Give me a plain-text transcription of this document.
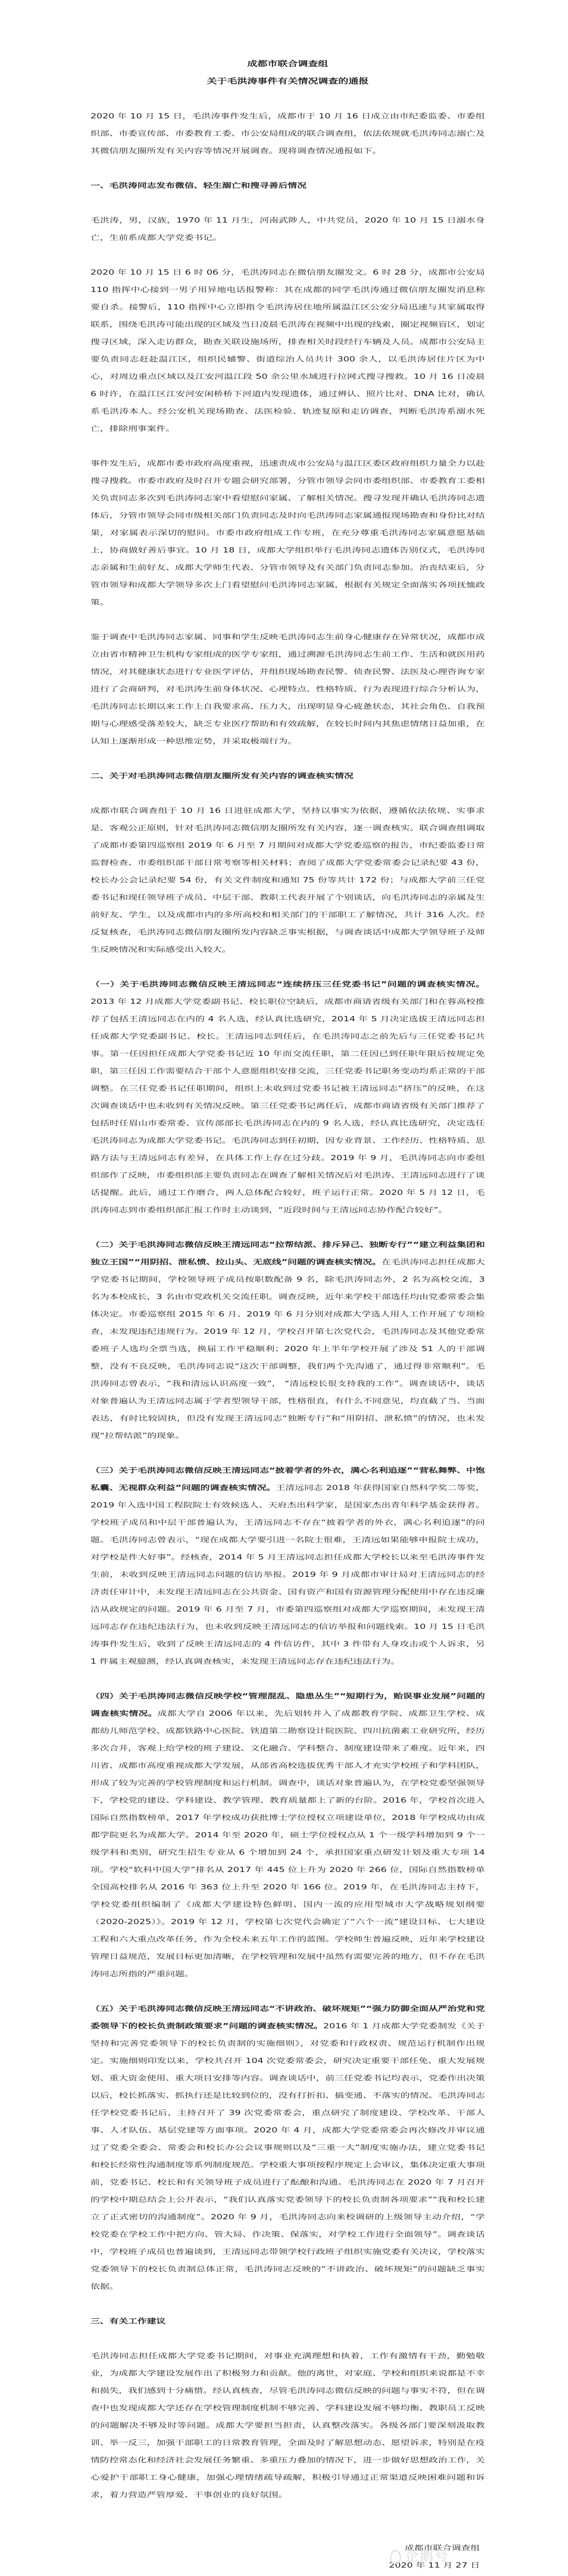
成都市联合调查组
关于毛洪涛事件有关情况调查的通报

2020 年 10 月 15 日，毛洪涛事件发生后，成都市于 10 月 16 日成立由市纪委监委、市委组织部、市委宣传部、市委教育工委、市公安局组成的联合调查组，依法依规就毛洪涛同志溺亡及其微信朋友圈所发有关内容等情况开展调查。现将调查情况通报如下。

一、毛洪涛同志发布微信、轻生溺亡和搜寻善后情况

毛洪涛，男，汉族，1970 年 11 月生，河南武陟人，中共党员，2020 年 10 月 15 日溺水身亡，生前系成都大学党委书记。

2020 年 10 月 15 日 6 时 06 分，毛洪涛同志在微信朋友圈发文。6 时 28 分，成都市公安局 110 指挥中心接到一男子用异地电话报警称：其在成都的同学毛洪涛通过微信朋友圈发消息称要自杀。接警后，110 指挥中心立即指令毛洪涛居住地所属温江区公安分局迅速与其家属取得联系，围绕毛洪涛可能出现的区域及当日凌晨毛洪涛在视频中出现的线索，圈定视频盲区，划定搜寻区域，深入走访群众，勘查关联设施场所，排查相关时段经行车辆及人员。成都市公安局主要负责同志赶赴温江区，组织民辅警、街道综治人员共计 300 余人，以毛洪涛居住片区为中心，对周边重点区域以及江安河温江段 50 余公里水域进行拉网式搜寻搜救。10 月 16 日凌晨 6 时许，在温江区江安河安闲桥桥下河道内发现遗体，通过辨认、照片比对、DNA 比对，确认系毛洪涛本人。经公安机关现场勘查、法医检验、轨迹复原和走访调查，判断毛洪涛系溺水死亡，排除刑事案件。

事件发生后，成都市委市政府高度重视，迅速责成市公安局与温江区委区政府组织力量全力以赴搜寻搜救。市委市政府及时召开专题会研究部署，分管市领导会同市委组织部、市委教育工委相关负责同志多次到毛洪涛同志家中看望慰问家属、了解相关情况。搜寻发现并确认毛洪涛同志遗体后，分管市领导会同市级相关部门负责同志及时向毛洪涛同志家属通报现场勘查和身份比对结果，对家属表示深切的慰问。市委市政府组成工作专班，在充分尊重毛洪涛同志家属意愿基础上，协商做好善后事宜。10 月 18 日，成都大学组织举行毛洪涛同志遗体告别仪式，毛洪涛同志亲属和生前好友、成都大学师生代表、分管市领导及有关部门负责同志参加。治丧结束后，分管市领导和成都大学领导多次上门看望慰问毛洪涛同志家属，根据有关规定全面落实各项抚恤政策。

鉴于调查中毛洪涛同志家属、同事和学生反映毛洪涛同志生前身心健康存在异常状况，成都市成立由省市精神卫生机构专家组成的医学专家组，通过溯源毛洪涛同志生前工作、生活和就医用药情况，对其健康状态进行专业医学评估，并组织现场勘查民警、侦查民警、法医及心理咨询专家进行了会商研判，对毛洪涛生前身体状况、心理特点、性格特质、行为表现进行综合分析认为，毛洪涛同志长期以来工作上自我要求高、压力大，出现明显身心疲惫状态，其社会角色、自我预期与心理感受落差较大，缺乏专业医疗帮助和有效疏解，在较长时间内其焦虑情绪日益加重，在认知上逐渐形成一种思维定势，并采取极端行为。

二、关于对毛洪涛同志微信朋友圈所发有关内容的调查核实情况

成都市联合调查组于 10 月 16 日进驻成都大学，坚持以事实为依据，遵循依法依规、实事求是、客观公正原则，针对毛洪涛同志微信朋友圈所发有关内容，逐一调查核实。联合调查组调取了成都市委第四巡察组 2019 年 6 月至 7 月期间对成都大学党委巡察的报告，市纪委监委日常监督检查、市委组织部干部日常考察等相关材料；查阅了成都大学党委常委会记录纪要 43 份，校长办公会记录纪要 54 份，有关文件制度和通知 75 份等共计 172 份；与成都大学前三任党委书记和现任领导班子成员、中层干部、教职工代表开展了个别谈话，向毛洪涛同志的亲属及生前好友、学生，以及成都市内的多所高校和相关部门的干部职工了解情况，共计 316 人次。经反复核查，毛洪涛同志微信朋友圈所发内容缺乏事实根据，与调查谈话中成都大学领导班子及师生反映情况和实际感受出入较大。

（一）关于毛洪涛同志微信反映王清远同志“连续挤压三任党委书记”问题的调查核实情况。2013 年 12 月成都大学党委副书记、校长职位空缺后，成都市商请省级有关部门和在蓉高校推荐了包括王清远同志在内的 4 名人选，经认真比选研究，2014 年 5 月决定选拔王清远同志担任成都大学党委副书记、校长。王清远同志到任后，在毛洪涛同志之前先后与三任党委书记共事。第一任因担任成都大学党委书记近 10 年而交流任职，第二任因已到任职年限后按规定免职，第三任因工作需要结合干部个人意愿组织安排交流，三任党委书记职务变动均系正常的干部调整。在三任党委书记任职期间，组织上未收到过党委书记被王清远同志“挤压”的反映，在这次调查谈话中也未收到有关情况反映。第三任党委书记离任后，成都市商请省级有关部门推荐了包括时任眉山市委常委、宣传部部长毛洪涛同志在内的 9 名人选，经认真比选研究，决定选任毛洪涛同志为成都大学党委书记。毛洪涛同志到任初期，因专业背景、工作经历、性格特质、思路方法与王清远同志有差异，在具体工作上存在过分歧。2019 年 9 月，毛洪涛同志向市委组织部作了反映，市委组织部主要负责同志在调查了解相关情况后对毛洪涛、王清远同志进行了谈话提醒。此后，通过工作磨合，两人总体配合较好，班子运行正常。2020 年 5 月 12 日，毛洪涛同志到市委组织部汇报工作时主动谈到，“近段时间与王清远同志协作配合较好”。

（二）关于毛洪涛同志微信反映王清远同志“拉帮结派、排斥异己、独断专行”“建立利益集团和独立王国”“用阴招、泄私愤、拉山头、无底线”问题的调查核实情况。在毛洪涛同志担任成都大学党委书记期间，学校领导班子成员按职数配备 9 名，除毛洪涛同志外，2 名为高校交流，3 名为本校成长，3 名由市党政机关交流任职。调查反映，近年来学校干部选任均由党委常委会集体决定。市委巡察组 2015 年 6 月、2019 年 6 月分别对成都大学选人用人工作开展了专项检查，未发现违纪违规行为。2019 年 12 月，学校召开第七次党代会，毛洪涛同志及其他党委常委班子人选均全票当选，换届工作平稳顺利；2020 年上半年学校开展了涉及 51 人的干部调整，没有不良反映，毛洪涛同志说“这次干部调整，我们两个先沟通了，通过得非常顺利”。毛洪涛同志曾表示，“我和清远认识高度一致”， “清远校长很支持我的工作”。调查谈话中，谈话对象普遍认为王清远同志属于学者型领导干部，性格很直，有什么不同意见，均直截了当、当面表达，有时比较固执，但没有发现王清远同志“独断专行”和“用阴招、泄私愤”的情况，也未发现“拉帮结派”的现象。

（三）关于毛洪涛同志微信反映王清远同志“披着学者的外衣，满心名利追逐”“营私舞弊、中饱私囊、无视群众利益”问题的调查核实情况。王清远同志 2018 年获得国家自然科学奖二等奖，2019 年入选中国工程院院士有效候选人、天府杰出科学家，是国家杰出青年科学基金获得者。学校班子成员和中层干部普遍认为，王清远同志不存在“披着学者的外衣，满心名利追逐”的问题。毛洪涛同志曾表示，“现在成都大学要引进一名院士很难，王清远如果能够申报院士成功，对学校是件大好事”。经核查，2014 年 5 月王清远同志担任成都大学校长以来至毛洪涛事件发生前，未收到反映王清远同志问题的信访举报。2019 年 9 月成都市审计局对王清远同志的经济责任审计中，未发现王清远同志在公共资金、国有资产和国有资源管理分配使用中存在违反廉洁从政规定的问题。2019 年 6 月至 7 月，市委第四巡察组对成都大学巡察期间，未发现王清远同志存在违纪违法行为，也未收到反映王清远同志的信访举报和问题线索。10 月 15 日毛洪涛事件发生后，收到了反映王清远同志的 4 件信访件，其中 3 件带有人身攻击或个人诉求，另 1 件属主观臆测，经认真调查核实，未发现王清远同志存在违纪违法行为。

（四）关于毛洪涛同志微信反映学校“管理混乱、隐患丛生”“短期行为，贻误事业发展”问题的调查核实情况。成都大学自 2006 年以来，先后划转并入了成都教育学院、成都卫生学校、成都幼儿师范学校、成都铁路中心医院、铁道第二勘察设计院医院、四川抗菌素工业研究所，经历多次合并，客观上给学校的班子建设、文化融合、学科整合、制度建设带来了难度。近年来，四川省、成都市高度重视成都大学发展，从部省高校选拔优秀干部人才充实学校班子和学科团队，形成了较为完善的学校管理制度和运行机制。调查中，谈话对象普遍认为，在学校党委坚强领导下，学校党的建设、学科建设、教学管理、教育质量都上了新的台阶。2016 年，学校首次进入国际自然指数榜单，2017 年学校成功获批博士学位授权立项建设单位，2018 年学校成功由成都学院更名为成都大学。2014 年至 2020 年，硕士学位授权点从 1 个一级学科增加到 9 个一级学科和类别，研究生招生专业从 6 个增加到 24 个，承担国家重点研发计划及重大专项 14 项。学校“软科中国大学”排名从 2017 年 445 位上升为 2020 年 266 位，国际自然指数榜单全国高校排名从 2016 年 363 位上升至 2020 年 166 位。2019 年，在毛洪涛同志主持下，学校党委组织编制了《成都大学建设特色鲜明、国内一流的应用型城市大学战略规划纲要（2020-2025）》。2019 年 12 月，学校第七次党代会确定了“六个一流”建设目标、七大建设工程和六大重点改革任务，作为全校未来五年工作的蓝图。学校师生普遍反映，近年来学校建设管理日益规范，发展目标更加清晰，在学校管理和发展中虽然有需要完善的地方，但不存在毛洪涛同志所指的严重问题。

（五）关于毛洪涛同志微信反映王清远同志“不讲政治、破坏规矩”“强力防御全面从严治党和党委领导下的校长负责制政策要求”问题的调查核实情况。2016 年 1 月成都大学党委制发《关于坚持和完善党委领导下的校长负责制的实施细则》，对党委和行政权责、规范运行机制作出规定。实施细则印发以来，学校共召开 104 次党委常委会，研究决定重要干部任免、重大发展规划、重大资金使用、重大项目安排等内容。调查谈话中，前三任党委书记均表示，党委作出决策以后，校长抓落实、抓执行还是比较到位的，没有打折扣、搞变通、不落实的情况。毛洪涛同志任学校党委书记后，主持召开了 39 次党委常委会，重点研究了制度建设、学校改革、干部人事、人才队伍、基层党建等方面事项。2020 年 4 月，成都大学党委常委会再次修改并审议通过了党委全委会、常委会和校长办公会议事规则以及“三重一大”制度实施办法，建立党委书记和校长经常性沟通制度等系列制度规范。学校重大事项按程序规定上会审议，集体决定重大事项前，党委书记、校长和有关领导班子成员进行了酝酿和沟通。毛洪涛同志在 2020 年 7 月召开的学校中期总结会上公开表示，“我们认真落实党委领导下的校长负责制各项要求”“我和校长建立了正式密切的沟通制度”。2020 年 9 月，毛洪涛同志向来校调研的上级领导主动介绍，“学校党委在学校工作中把方向、管大局、作决策、保落实，对学校工作进行全面领导”。调查谈话中，学校班子成员也普遍谈到，王清远同志带领学校行政班子组织实施党委有关决议，学校落实党委领导下的校长负责制总体正常，毛洪涛同志反映的“不讲政治、破坏规矩”的问题缺乏事实依据。

三、有关工作建议

毛洪涛同志担任成都大学党委书记期间，对事业充满理想和执着，工作有激情有干劲，勤勉敬业，为成都大学建设发展作出了积极努力和贡献。他的离世，对家庭、学校和组织来说都是不幸和损失，我们感到十分痛惜。经认真核查，尽管毛洪涛同志微信反映的问题与事实不符，但在调查中也发现成都大学还存在学校管理制度机制不够完善、学科建设发展不够均衡、教职员工反映的问题解决不够及时等问题。成都大学要担当担责，认真整改落实。各级各部门要深刻汲取教训、举一反三，加强干部职工的日常教育管理，全面及时了解思想动态、愿望诉求，特别是在疫情防控常态化和经济社会发展任务繁重、多重压力叠加的情况下，进一步做好思想政治工作，关心爱护干部职工身心健康，加强心理情绪疏导疏解，积极引导通过正常渠道反映困难问题和诉求，着力营造严管厚爱、干事创业的良好氛围。

成都市联合调查组
2020 年 11 月 27 日
企鹅号
